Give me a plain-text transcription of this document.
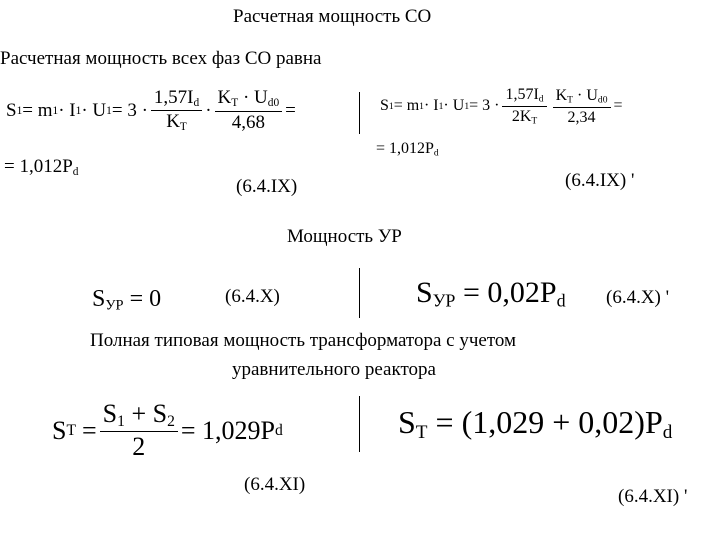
Расчетная мощность СО
Расчетная мощность всех фаз СО равна
S 1 = m 1 · I 1 · U $1 = 3 \cdot \frac{1,57I_d}{K_T} \cdot \frac{K_T \cdot U_{d0}}{4,68}$ =
= $1,012P_d$
S 1 = m 1 · I 1 · U $1 = 3 \cdot \frac{1,57I_d}{2K_T} \frac{K_T \cdot U_{d0}}{2,34}$ =
= $1,012P_d$
(6.4.IX)	(6.4.IX) '
Мощность УР
$S_{УР} = 0$	(6.4.X)	$S_{УР} = 0,02P_d$ (6.4.X) '
Полная типовая мощность трансформатора с учетом
уравнительного реактора
S $T = \frac{S_1 + S_2}{2} = 1,029P$ d	$S_T = (1,029 + 0,02)P_d$
(6.4.XI)
(6.4.XI) '
